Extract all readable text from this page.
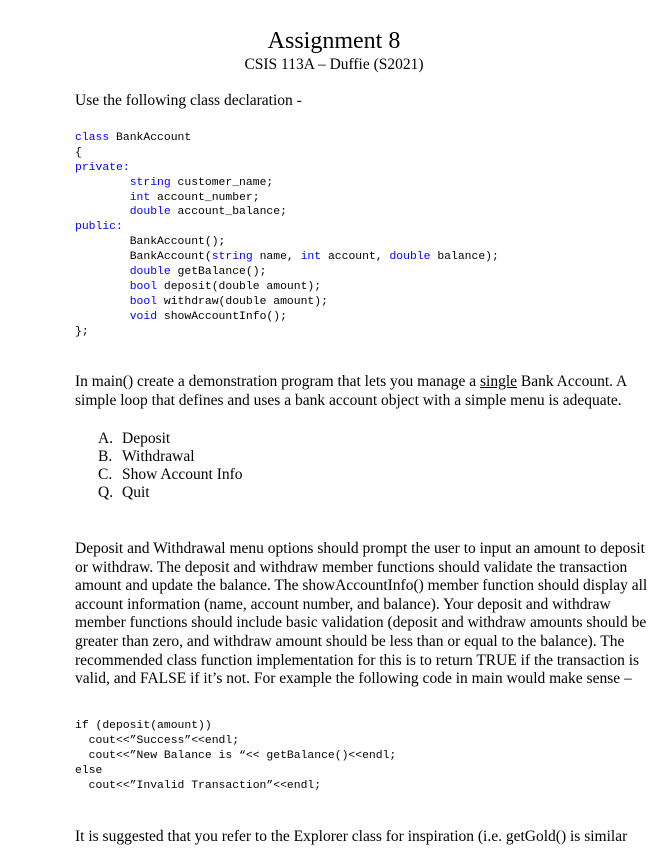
Assignment 8
CSIS 113A – Duffie (S2021)
Use the following class declaration -
class BankAccount
{
private:
string customer_name;
int account_number;
double account_balance;
public:
BankAccount();
BankAccount(string name, int account, double balance);
double getBalance();
bool deposit(double amount);
bool withdraw(double amount);
void showAccountInfo();
};
In main() create a demonstration program that lets you manage a single Bank Account. A simple loop that defines and uses a bank account object with a simple menu is adequate.
A. Deposit
B. Withdrawal
C. Show Account Info
Q. Quit
Deposit and Withdrawal menu options should prompt the user to input an amount to deposit or withdraw. The deposit and withdraw member functions should validate the transaction amount and update the balance. The showAccountInfo() member function should display all account information (name, account number, and balance). Your deposit and withdraw member functions should include basic validation (deposit and withdraw amounts should be greater than zero, and withdraw amount should be less than or equal to the balance). The recommended class function implementation for this is to return TRUE if the transaction is valid, and FALSE if it’s not. For example the following code in main would make sense –
if (deposit(amount))
cout<<”Success”<<endl;
cout<<”New Balance is “<< getBalance()<<endl;
else
cout<<”Invalid Transaction”<<endl;
It is suggested that you refer to the Explorer class for inspiration (i.e. getGold() is similar
